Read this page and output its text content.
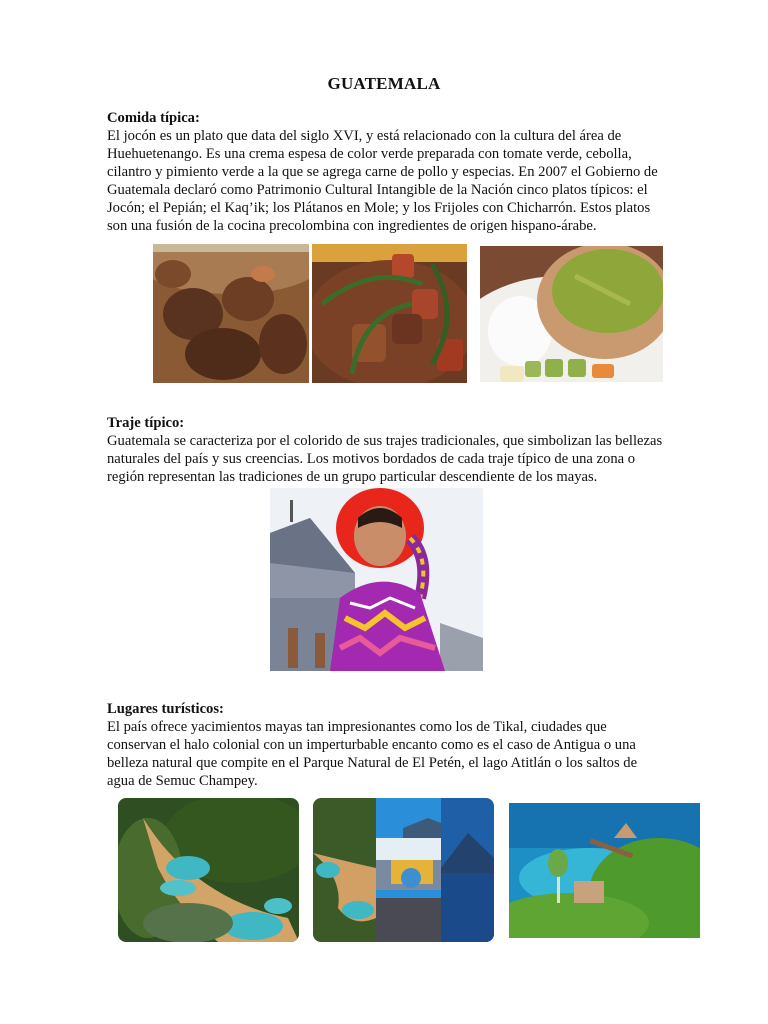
GUATEMALA
Comida típica:

El jocón es un plato que data del siglo XVI, y está relacionado con la cultura del área de Huehuetenango. Es una crema espesa de color verde preparada con tomate verde, cebolla, cilantro y pimiento verde a la que se agrega carne de pollo y especias. En 2007 el Gobierno de Guatemala declaró como Patrimonio Cultural Intangible de la Nación cinco platos típicos: el Jocón; el Pepián; el Kaq’ik; los Plátanos en Mole; y los Frijoles con Chicharrón. Estos platos son una fusión de la cocina precolombina con ingredientes de origen hispano-árabe.

Traje típico:

Guatemala se caracteriza por el colorido de sus trajes tradicionales, que simbolizan las bellezas naturales del país y sus creencias. Los motivos bordados de cada traje típico de una zona o región representan las tradiciones de un grupo particular descendiente de los mayas.

Lugares turísticos:

El país ofrece yacimientos mayas tan impresionantes como los de Tikal, ciudades que conservan el halo colonial con un imperturbable encanto como es el caso de Antigua o una belleza natural que compite en el Parque Natural de El Petén, el lago Atitlán o los saltos de agua de Semuc Champey.
